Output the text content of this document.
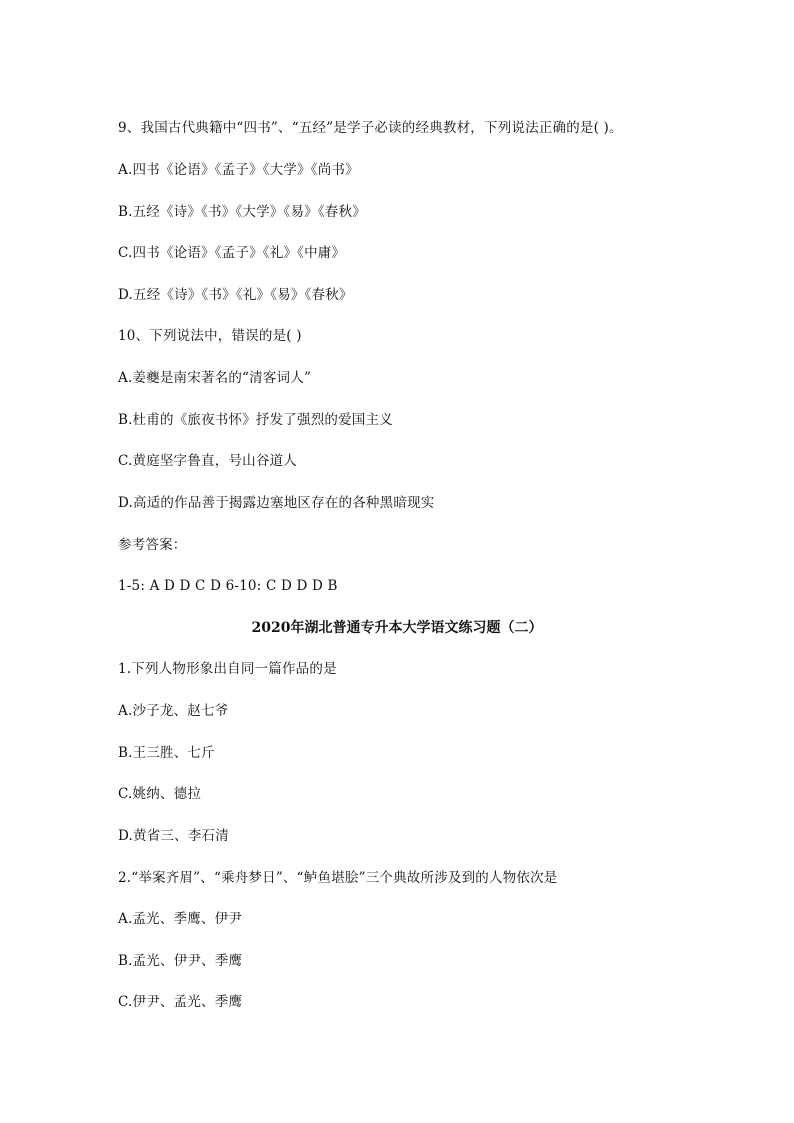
9、我国古代典籍中“四书”、“五经”是学子必读的经典教材，下列说法正确的是( )。
A.四书《论语》《孟子》《大学》《尚书》
B.五经《诗》《书》《大学》《易》《春秋》
C.四书《论语》《孟子》《礼》《中庸》
D.五经《诗》《书》《礼》《易》《春秋》
10、下列说法中，错误的是( )
A.姜夔是南宋著名的“清客词人”
B.杜甫的《旅夜书怀》抒发了强烈的爱国主义
C.黄庭坚字鲁直，号山谷道人
D.高适的作品善于揭露边塞地区存在的各种黑暗现实
参考答案：
1-5: A D D C D 6-10: C D D D B
2020年湖北普通专升本大学语文练习题（二）
1.下列人物形象出自同一篇作品的是
A.沙子龙、赵七爷
B.王三胜、七斤
C.姚纳、德拉
D.黄省三、李石清
2.“举案齐眉”、“乘舟梦日”、“鲈鱼堪脍”三个典故所涉及到的人物依次是
A.孟光、季鹰、伊尹
B.孟光、伊尹、季鹰
C.伊尹、孟光、季鹰
